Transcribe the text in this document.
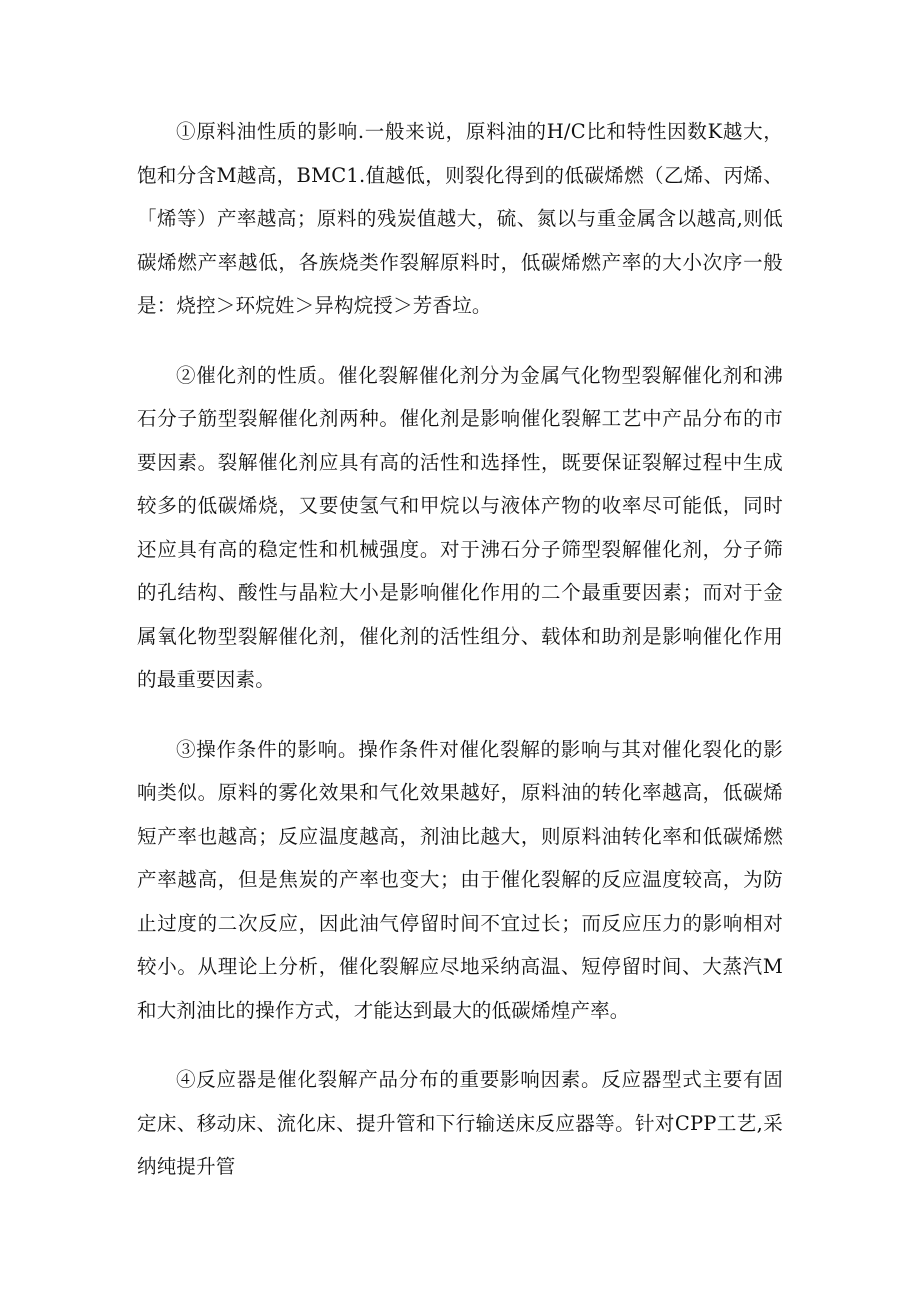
①原料油性质的影响.一般来说，原料油的H/C比和特性因数K越大，饱和分含M越高，BMC1.值越低，则裂化得到的低碳烯燃（乙烯、丙烯、「烯等）产率越高；原料的残炭值越大，硫、氮以与重金属含以越高,则低碳烯燃产率越低，各族烧类作裂解原料时，低碳烯燃产率的大小次序一般是：烧控＞环烷姓＞异构烷授＞芳香垃。

②催化剂的性质。催化裂解催化剂分为金属气化物型裂解催化剂和沸石分子筋型裂解催化剂两种。催化剂是影响催化裂解工艺中产品分布的市要因素。裂解催化剂应具有高的活性和选择性，既要保证裂解过程中生成较多的低碳烯烧，又要使氢气和甲烷以与液体产物的收率尽可能低，同时还应具有高的稳定性和机械强度。对于沸石分子筛型裂解催化剂，分子筛的孔结构、酸性与晶粒大小是影响催化作用的二个最重要因素；而对于金属氧化物型裂解催化剂，催化剂的活性组分、载体和助剂是影响催化作用的最重要因素。

③操作条件的影响。操作条件对催化裂解的影响与其对催化裂化的影响类似。原料的雾化效果和气化效果越好，原料油的转化率越高，低碳烯短产率也越高；反应温度越高，剂油比越大，则原料油转化率和低碳烯燃产率越高，但是焦炭的产率也变大；由于催化裂解的反应温度较高，为防止过度的二次反应，因此油气停留时间不宜过长；而反应压力的影响相对较小。从理论上分析，催化裂解应尽地采纳高温、短停留时间、大蒸汽M和大剂油比的操作方式，才能达到最大的低碳烯煌产率。

④反应器是催化裂解产品分布的重要影响因素。反应器型式主要有固定床、移动床、流化床、提升管和下行输送床反应器等。针对CPP工艺,采纳纯提升管
